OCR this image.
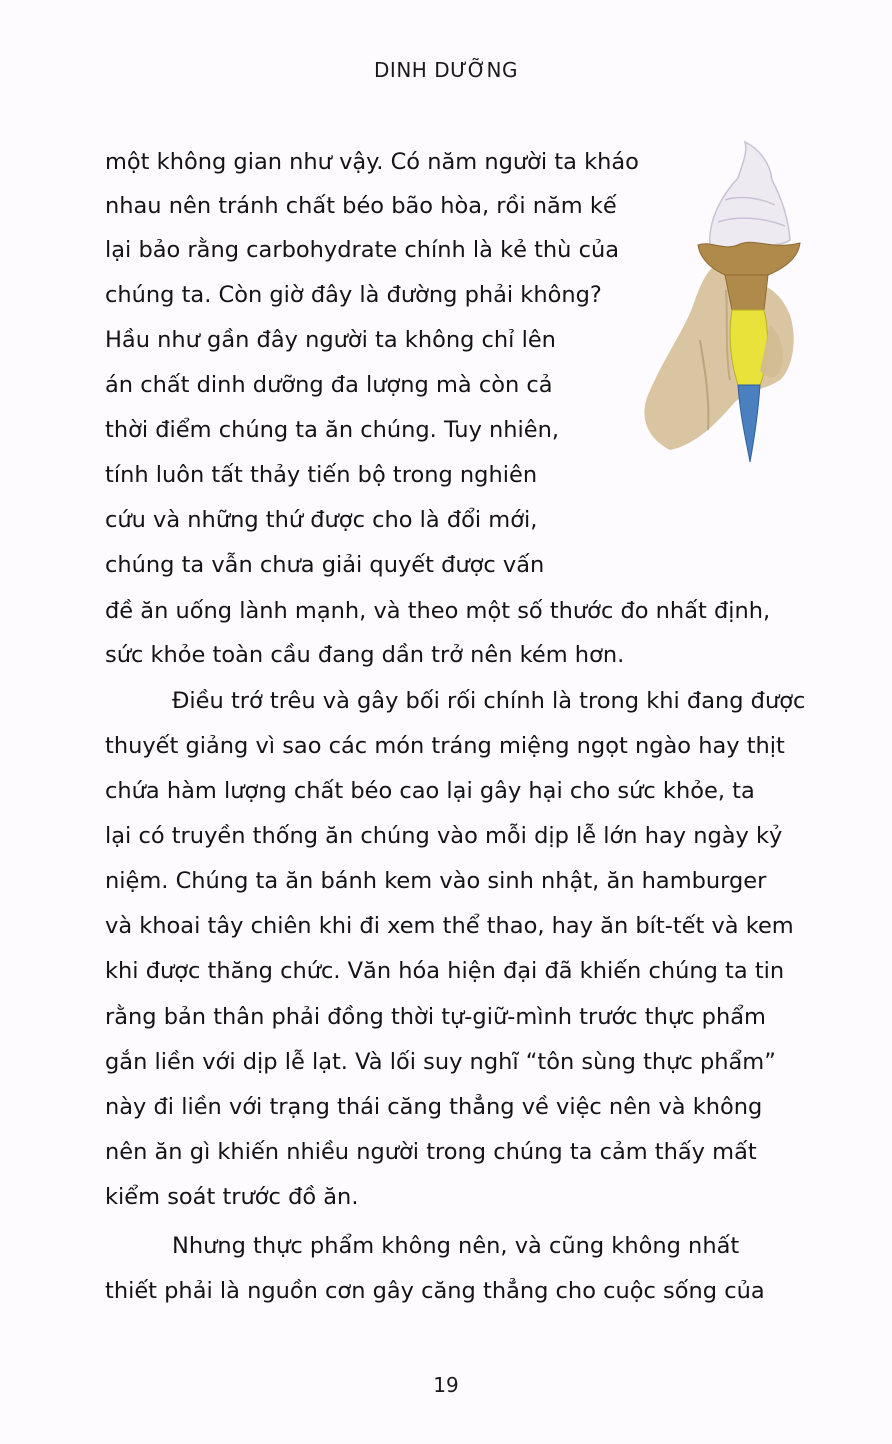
DINH DƯỠNG
một không gian như vậy. Có năm người ta kháo
nhau nên tránh chất béo bão hòa, rồi năm kế
lại bảo rằng carbohydrate chính là kẻ thù của
chúng ta. Còn giờ đây là đường phải không?
Hầu như gần đây người ta không chỉ lên
án chất dinh dưỡng đa lượng mà còn cả
thời điểm chúng ta ăn chúng. Tuy nhiên,
tính luôn tất thảy tiến bộ trong nghiên
cứu và những thứ được cho là đổi mới,
chúng ta vẫn chưa giải quyết được vấn
đề ăn uống lành mạnh, và theo một số thước đo nhất định,
sức khỏe toàn cầu đang dần trở nên kém hơn.
Điều trớ trêu và gây bối rối chính là trong khi đang được
thuyết giảng vì sao các món tráng miệng ngọt ngào hay thịt
chứa hàm lượng chất béo cao lại gây hại cho sức khỏe, ta
lại có truyền thống ăn chúng vào mỗi dịp lễ lớn hay ngày kỷ
niệm. Chúng ta ăn bánh kem vào sinh nhật, ăn hamburger
và khoai tây chiên khi đi xem thể thao, hay ăn bít-tết và kem
khi được thăng chức. Văn hóa hiện đại đã khiến chúng ta tin
rằng bản thân phải đồng thời tự-giữ-mình trước thực phẩm
gắn liền với dịp lễ lạt. Và lối suy nghĩ “tôn sùng thực phẩm”
này đi liền với trạng thái căng thẳng về việc nên và không
nên ăn gì khiến nhiều người trong chúng ta cảm thấy mất
kiểm soát trước đồ ăn.
Nhưng thực phẩm không nên, và cũng không nhất
thiết phải là nguồn cơn gây căng thẳng cho cuộc sống của
19
